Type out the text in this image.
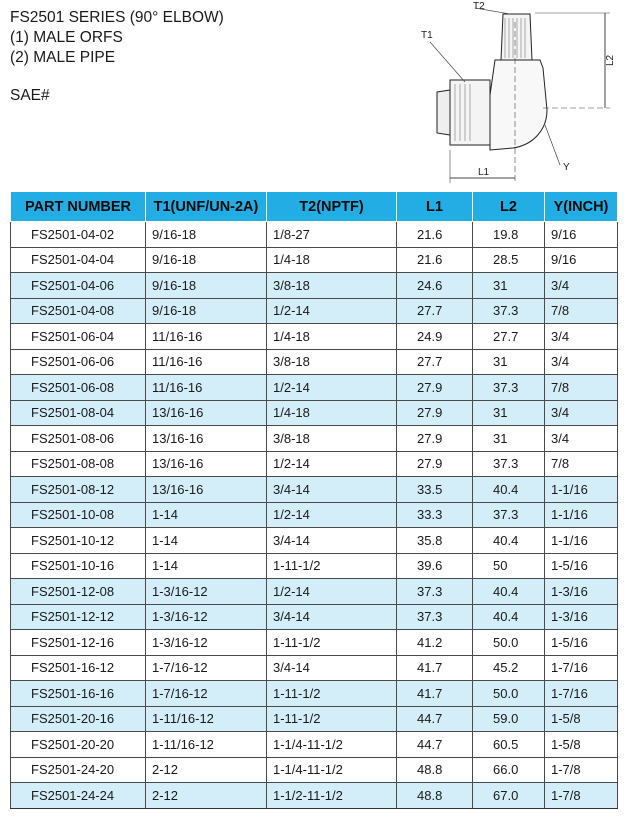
FS2501 SERIES (90° ELBOW)
(1) MALE ORFS
(2) MALE PIPE
SAE#
T2
T1
L2
L1	Y
PART NUMBER	T1(UNF/UN-2A)	T2(NPTF)	L1	L2	Y(INCH)
FS2501-04-02	9/16-18	1/8-27	21.6	19.8	9/16
FS2501-04-04	9/16-18	1/4-18	21.6	28.5	9/16
FS2501-04-06	9/16-18	3/8-18	24.6	31	3/4
FS2501-04-08	9/16-18	1/2-14	27.7	37.3	7/8
FS2501-06-04	11/16-16	1/4-18	24.9	27.7	3/4
FS2501-06-06	11/16-16	3/8-18	27.7	31	3/4
FS2501-06-08	11/16-16	1/2-14	27.9	37.3	7/8
FS2501-08-04	13/16-16	1/4-18	27.9	31	3/4
FS2501-08-06	13/16-16	3/8-18	27.9	31	3/4
FS2501-08-08	13/16-16	1/2-14	27.9	37.3	7/8
FS2501-08-12	13/16-16	3/4-14	33.5	40.4	1-1/16
FS2501-10-08	1-14	1/2-14	33.3	37.3	1-1/16
FS2501-10-12	1-14	3/4-14	35.8	40.4	1-1/16
FS2501-10-16	1-14	1-11-1/2	39.6	50	1-5/16
FS2501-12-08	1-3/16-12	1/2-14	37.3	40.4	1-3/16
FS2501-12-12	1-3/16-12	3/4-14	37.3	40.4	1-3/16
FS2501-12-16	1-3/16-12	1-11-1/2	41.2	50.0	1-5/16
FS2501-16-12	1-7/16-12	3/4-14	41.7	45.2	1-7/16
FS2501-16-16	1-7/16-12	1-11-1/2	41.7	50.0	1-7/16
FS2501-20-16	1-11/16-12	1-11-1/2	44.7	59.0	1-5/8
FS2501-20-20	1-11/16-12	1-1/4-11-1/2	44.7	60.5	1-5/8
FS2501-24-20	2-12	1-1/4-11-1/2	48.8	66.0	1-7/8
FS2501-24-24	2-12	1-1/2-11-1/2	48.8	67.0	1-7/8
